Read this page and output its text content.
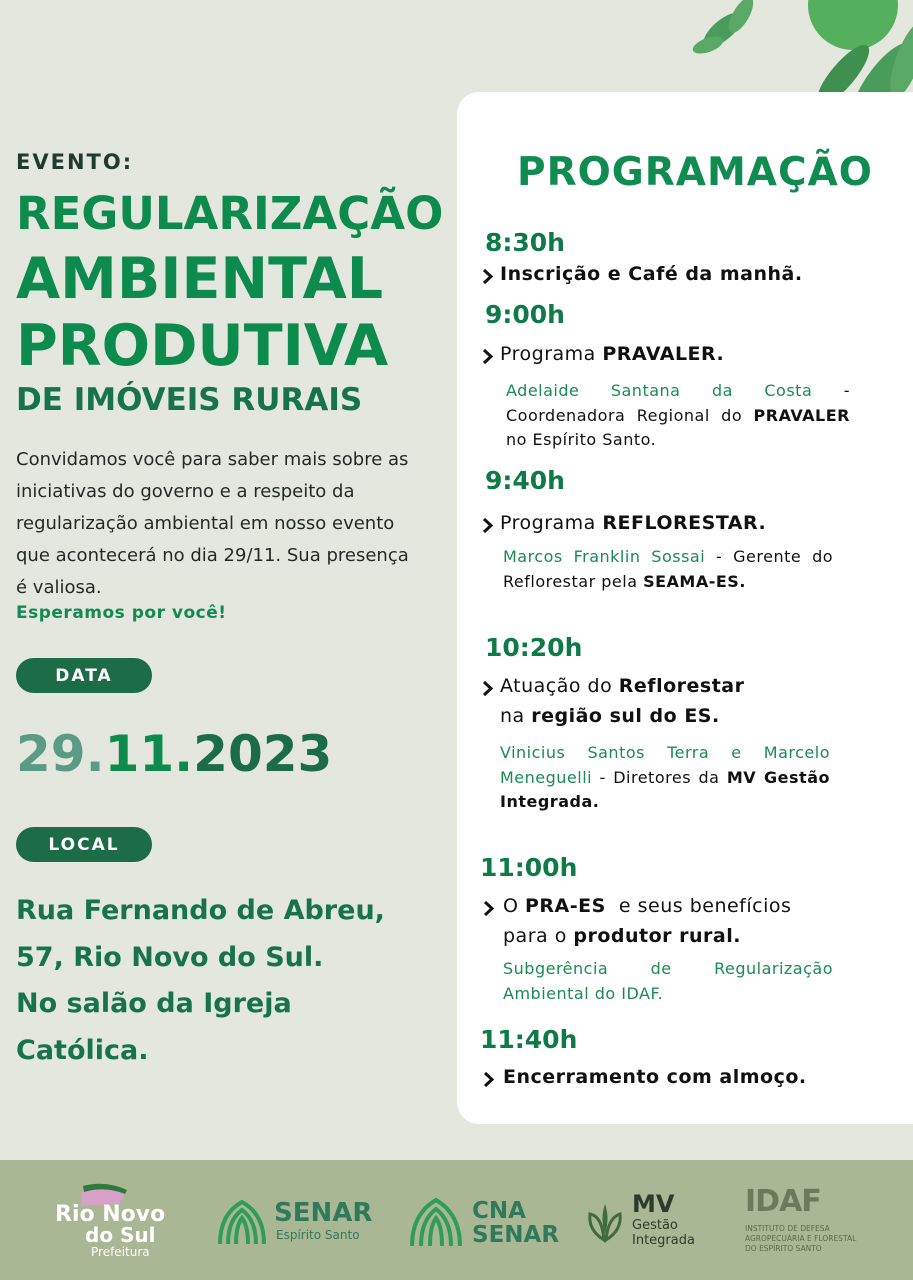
EVENTO:
REGULARIZAÇÃO
AMBIENTAL
PRODUTIVA
DE IMÓVEIS RURAIS
Convidamos você para saber mais sobre as iniciativas do governo e a respeito da regularização ambiental em nosso evento que acontecerá no dia 29/11. Sua presença é valiosa.
Esperamos por você!
DATA
29.11.2023
LOCAL
Rua Fernando de Abreu,
57, Rio Novo do Sul.
No salão da Igreja
Católica.
PROGRAMAÇÃO
8:30h
Inscrição e Café da manhã.
9:00h
Programa PRAVALER.
Adelaide Santana da Costa - Coordenadora Regional do PRAVALER no Espírito Santo.
9:40h
Programa REFLORESTAR.
Marcos Franklin Sossai - Gerente do Reflorestar pela SEAMA-ES.
10:20h
Atuação do Reflorestar
na região sul do ES.
Vinicius Santos Terra e Marcelo Meneguelli - Diretores da MV Gestão Integrada.
11:00h
O PRA-ES  e seus benefícios
para o produtor rural.
Subgerência de Regularização Ambiental do IDAF.
11:40h
Encerramento com almoço.
Rio Novo
do Sul
Prefeitura
SENAR
Espírito Santo
CNA
SENAR
MV
Gestão
Integrada
IDAF
INSTITUTO DE DEFESA
AGROPECUÁRIA E FLORESTAL
DO ESPÍRITO SANTO
